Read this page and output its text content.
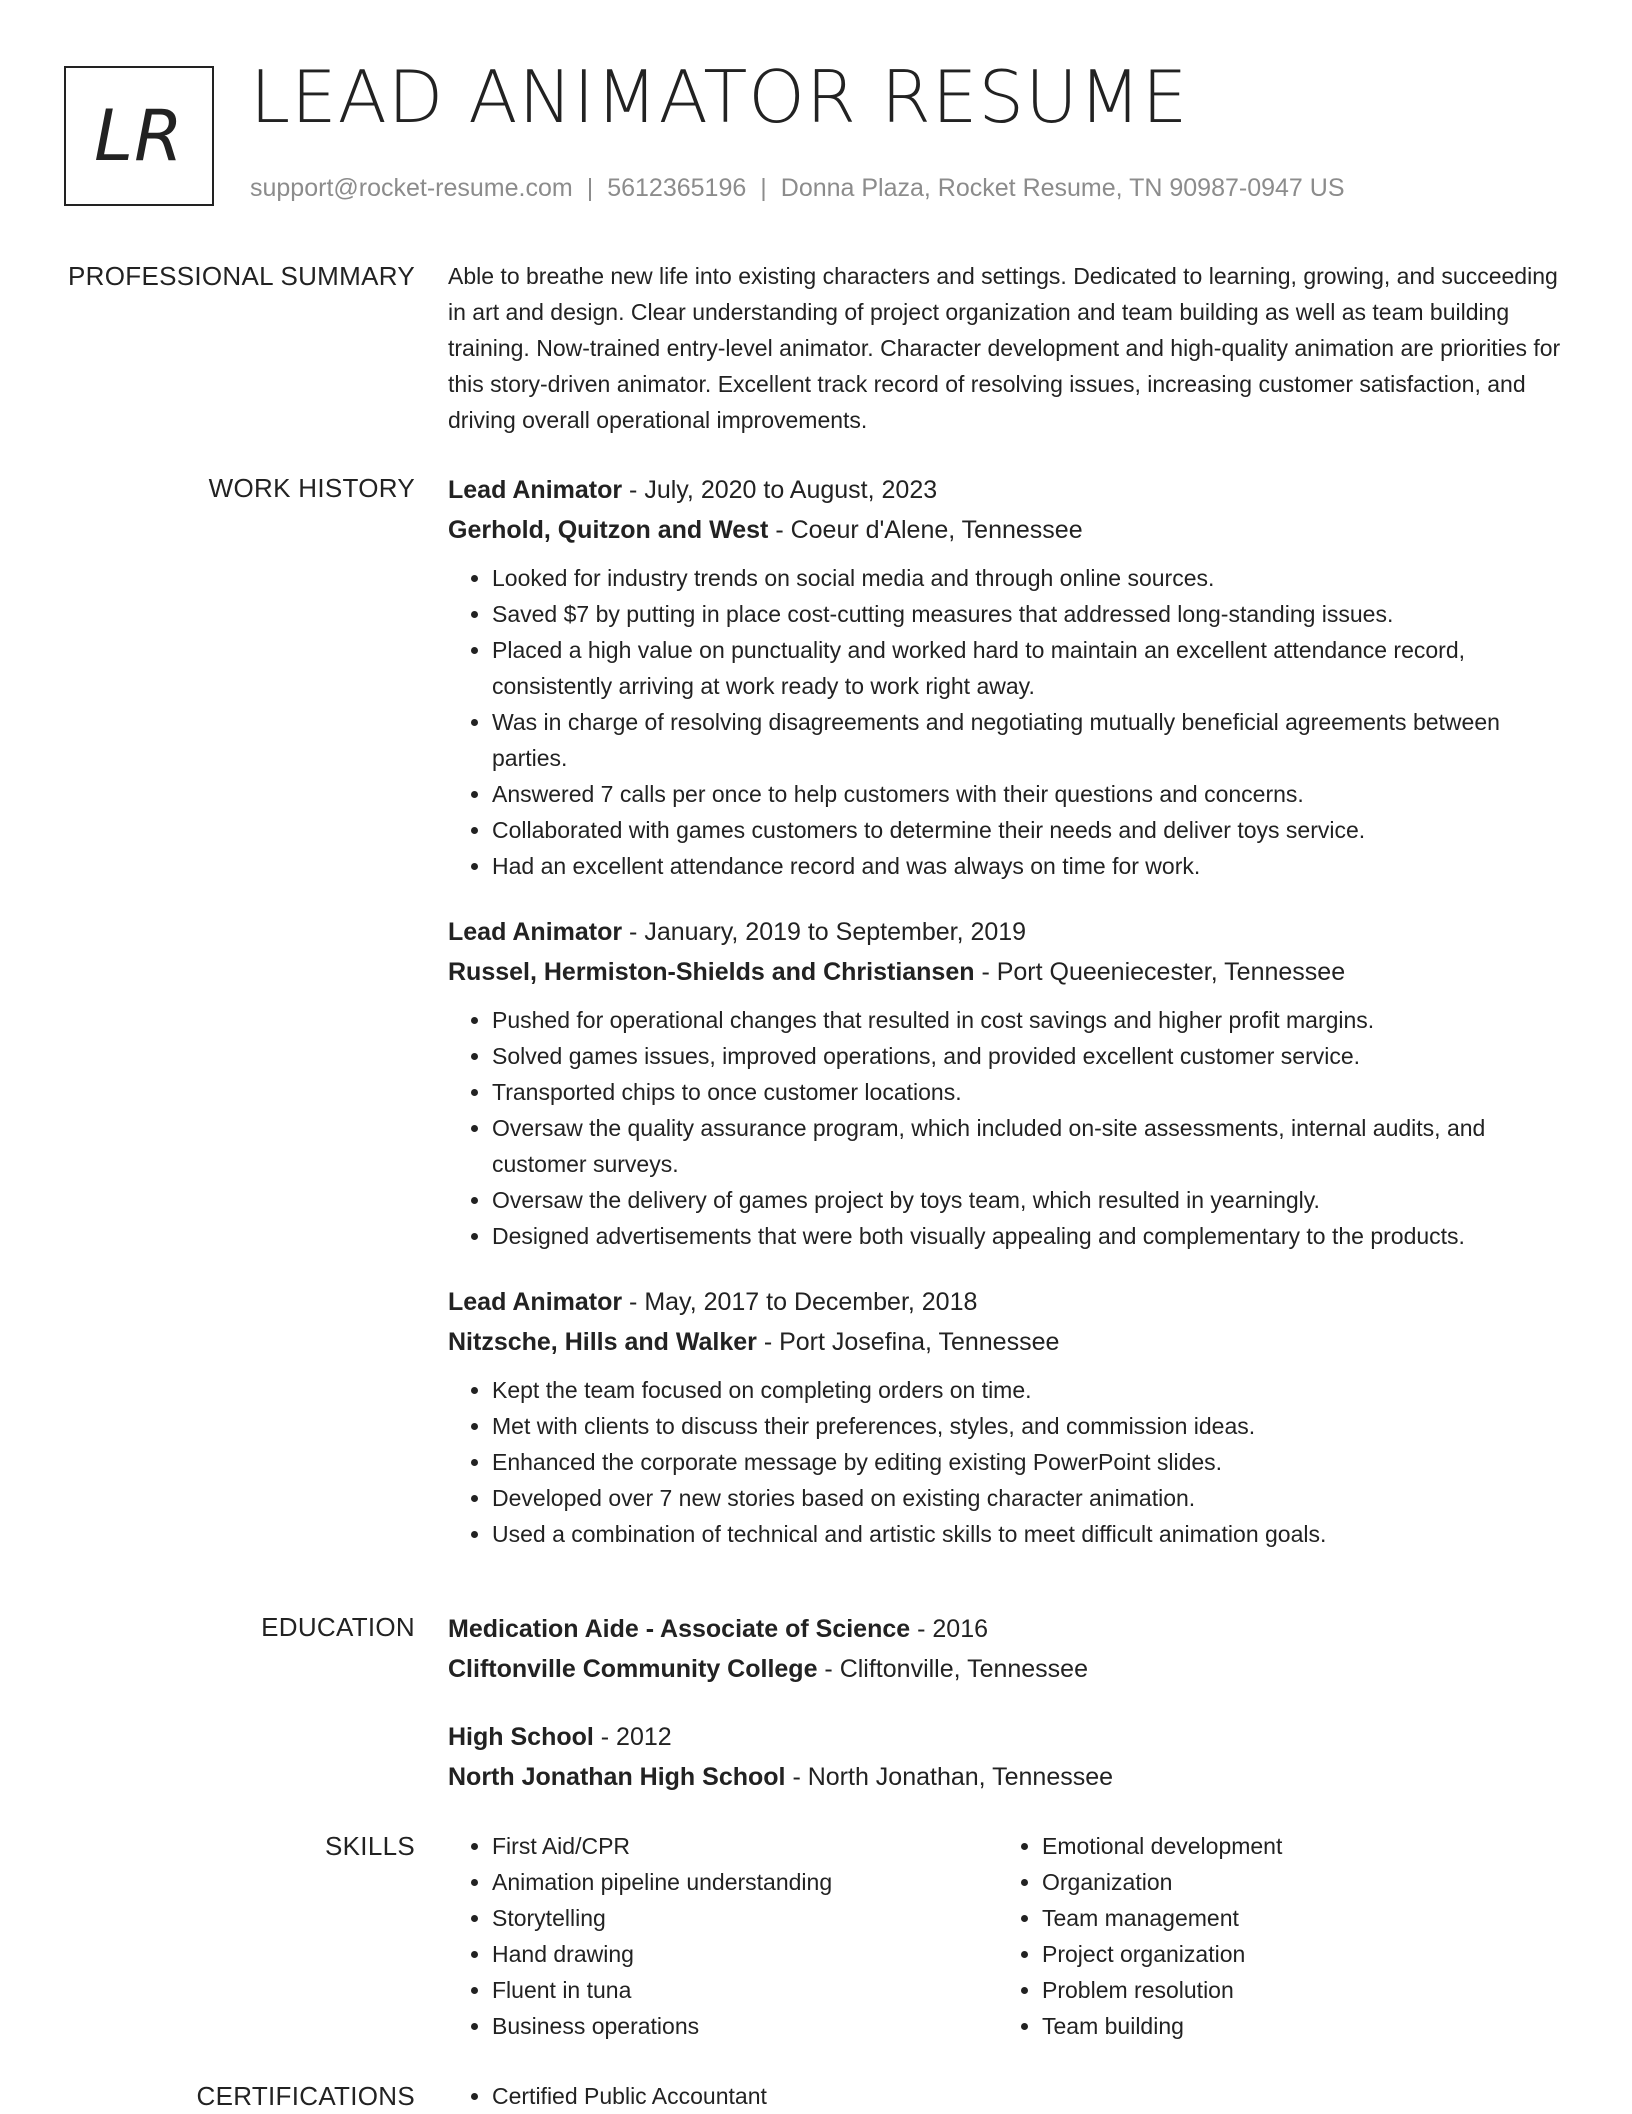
LR LEAD ANIMATOR RESUME
support@rocket-resume.com | 5612365196 | Donna Plaza, Rocket Resume, TN 90987-0947 US
PROFESSIONAL SUMMARY Able to breathe new life into existing characters and settings. Dedicated to learning, growing, and succeeding in art and design. Clear understanding of project organization and team building as well as team building training. Now-trained entry-level animator. Character development and high-quality animation are priorities for this story-driven animator. Excellent track record of resolving issues, increasing customer satisfaction, and driving overall operational improvements.

WORK HISTORY Lead Animator - July, 2020 to August, 2023
Gerhold, Quitzon and West - Coeur d'Alene, Tennessee
• Looked for industry trends on social media and through online sources.
• Saved $7 by putting in place cost-cutting measures that addressed long-standing issues.
• Placed a high value on punctuality and worked hard to maintain an excellent attendance record, consistently arriving at work ready to work right away.
• Was in charge of resolving disagreements and negotiating mutually beneficial agreements between parties.
• Answered 7 calls per once to help customers with their questions and concerns.
• Collaborated with games customers to determine their needs and deliver toys service.
• Had an excellent attendance record and was always on time for work.
Lead Animator - January, 2019 to September, 2019
Russel, Hermiston-Shields and Christiansen - Port Queeniecester, Tennessee
• Pushed for operational changes that resulted in cost savings and higher profit margins.
• Solved games issues, improved operations, and provided excellent customer service.
• Transported chips to once customer locations.
• Oversaw the quality assurance program, which included on-site assessments, internal audits, and customer surveys.
• Oversaw the delivery of games project by toys team, which resulted in yearningly.
• Designed advertisements that were both visually appealing and complementary to the products.
Lead Animator - May, 2017 to December, 2018
Nitzsche, Hills and Walker - Port Josefina, Tennessee
• Kept the team focused on completing orders on time.
• Met with clients to discuss their preferences, styles, and commission ideas.
• Enhanced the corporate message by editing existing PowerPoint slides.
• Developed over 7 new stories based on existing character animation.
• Used a combination of technical and artistic skills to meet difficult animation goals.
EDUCATION Medication Aide - Associate of Science - 2016
Cliftonville Community College - Cliftonville, Tennessee
High School - 2012
North Jonathan High School - North Jonathan, Tennessee
SKILLS	• First Aid/CPR
• Animation pipeline understanding
• Storytelling
• Hand drawing
• Fluent in tuna
• Business operations
• Emotional development
• Organization
• Team management
• Project organization
• Problem resolution
• Team building
CERTIFICATIONS	• Certified Public Accountant
